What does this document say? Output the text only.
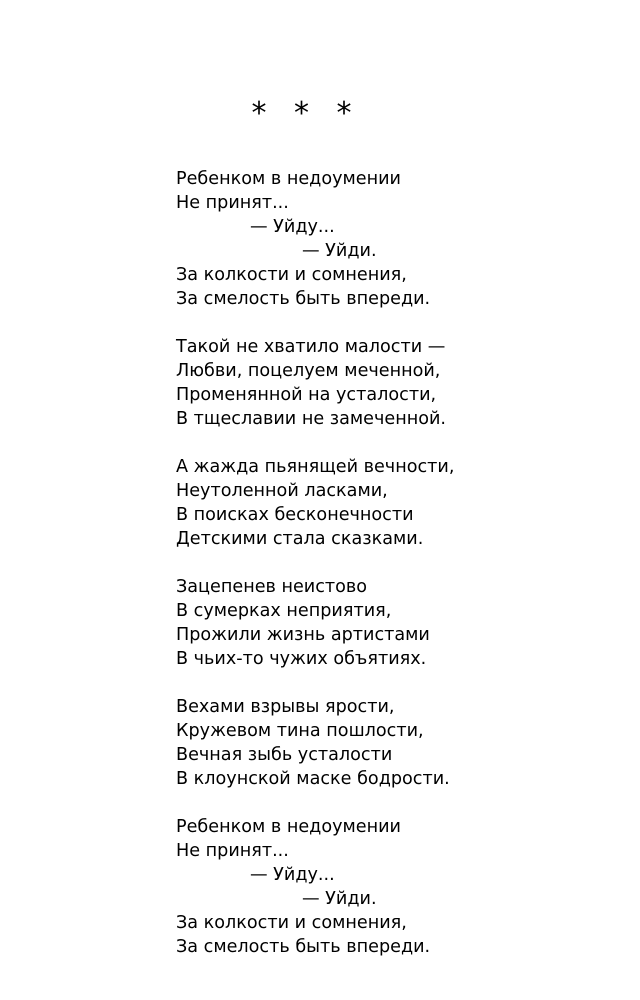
* * *
Ребенком в недоумении
Не принят...
— Уйду...
— Уйди.
За колкости и сомнения,
За смелость быть впереди.
Такой не хватило малости —
Любви, поцелуем меченной,
Променянной на усталости,
В тщеславии не замеченной.
А жажда пьянящей вечности,
Неутоленной ласками,
В поисках бесконечности
Детскими стала сказками.
Зацепенев неистово
В сумерках неприятия,
Прожили жизнь артистами
В чьих-то чужих объятиях.
Вехами взрывы ярости,
Кружевом тина пошлости,
Вечная зыбь усталости
В клоунской маске бодрости.
Ребенком в недоумении
Не принят...
— Уйду...
— Уйди.
За колкости и сомнения,
За смелость быть впереди.
